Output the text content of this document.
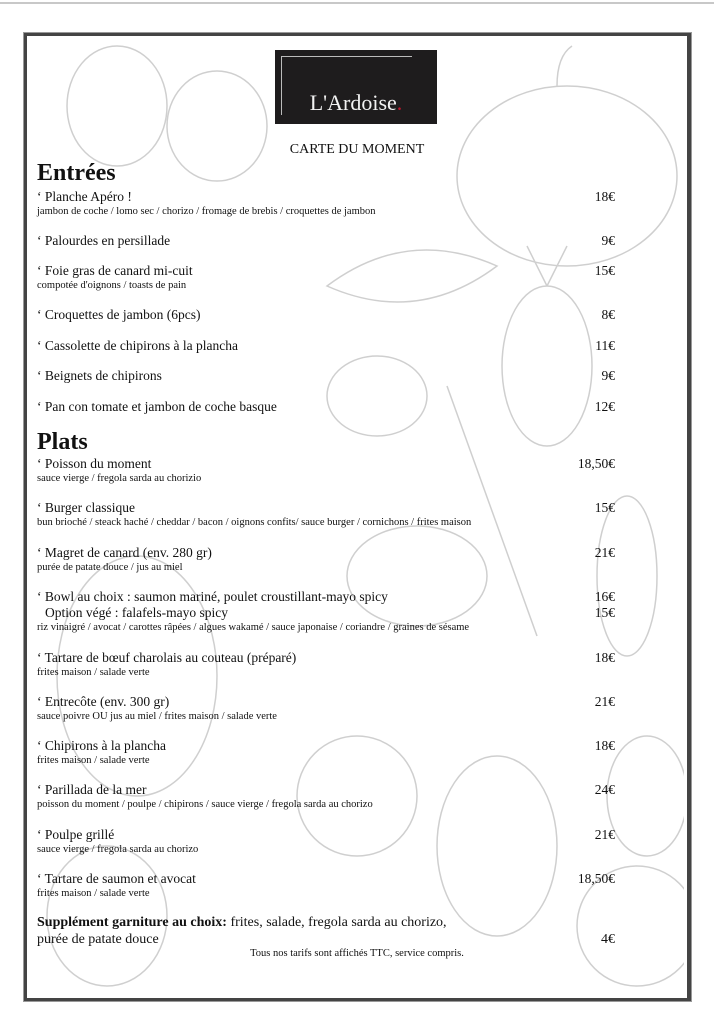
L'Ardoise.
CARTE DU MOMENT
Entrées
‘ Planche Apéro !	18€
jambon de coche / lomo sec / chorizo / fromage de brebis / croquettes de jambon
‘ Palourdes en persillade	9€
‘ Foie gras de canard mi-cuit	15€
compotée d'oignons / toasts de pain
‘ Croquettes de jambon (6pcs)	8€
‘ Cassolette de chipirons à la plancha	11€
‘ Beignets de chipirons	9€
‘ Pan con tomate et jambon de coche basque	12€
Plats
‘ Poisson du moment	18,50€
sauce vierge / fregola sarda au chorizio
‘ Burger classique	15€
bun brioché / steack haché / cheddar / bacon / oignons confits/ sauce burger / cornichons / frites maison
‘ Magret de canard (env. 280 gr)	21€
purée de patate douce / jus au miel
‘ Bowl au choix : saumon mariné, poulet croustillant-mayo spicy	16€
Option végé : falafels-mayo spicy	15€
riz vinaigré / avocat / carottes râpées / algues wakamé / sauce japonaise / coriandre / graines de sésame
‘ Tartare de bœuf charolais au couteau (préparé)	18€
frites maison / salade verte
‘ Entrecôte (env. 300 gr)	21€
sauce poivre OU jus au miel / frites maison / salade verte
‘ Chipirons à la plancha	18€
frites maison / salade verte
‘ Parillada de la mer	24€
poisson du moment / poulpe / chipirons / sauce vierge / fregola sarda au chorizo
‘ Poulpe grillé	21€
sauce vierge / fregola sarda au chorizo
‘ Tartare de saumon et avocat	18,50€
frites maison / salade verte
Supplément garniture au choix: frites, salade, fregola sarda au chorizo,
purée de patate douce	4€
Tous nos tarifs sont affichés TTC, service compris.
